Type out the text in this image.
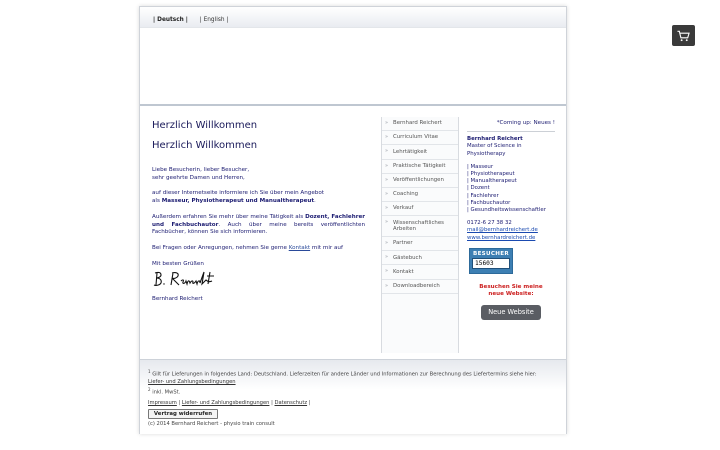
| Deutsch | | English |
Herzlich Willkommen
Herzlich Willkommen

Liebe Besucherin, lieber Besucher,
sehr geehrte Damen und Herren,

auf dieser Internetseite informiere ich Sie über mein Angebot
als Masseur, Physiotherapeut und Manualtherapeut.

Außerdem erfahren Sie mehr über meine Tätigkeit als Dozent, Fachlehrer und Fachbuchautor. Auch über meine bereits veröffentlichten Fachbücher, können Sie sich informieren.

Bei Fragen oder Anregungen, nehmen Sie gerne Kontakt mit mir auf

Mit besten Grüßen
Bernhard Reichert
» Bernhard Reichert
» Curriculum Vitae
» Lehrtätigkeit
» Praktische Tätigkeit
» Veröffentlichungen
» Coaching
» Verkauf
» Wissenschaftliches Arbeiten
» Partner
» Gästebuch
» Kontakt
» Downloadbereich
*Coming up: Neues !
Bernhard Reichert
Master of Science in
Physiotherapy
| Masseur
| Physiotherapeut
| Manualtherapeut
| Dozent
| Fachlehrer
| Fachbuchautor
| Gesundheitswissenschaftler
0172-6 27 38 32
mail@bernhardreichert.de
www.bernhardreichert.de
BESUCHER
15603
Besuchen Sie meine
neue Website:
Neue Website
$^1$ Gilt für Lieferungen in folgendes Land: Deutschland. Lieferzeiten für andere Länder und Informationen zur Berechnung des Liefertermins siehe hier: Liefer- und Zahlungsbedingungen
$^2$ inkl. MwSt.
Impressum | Liefer- und Zahlungsbedingungen | Datenschutz |
Vertrag widerrufen
(c) 2014 Bernhard Reichert - physio train consult
